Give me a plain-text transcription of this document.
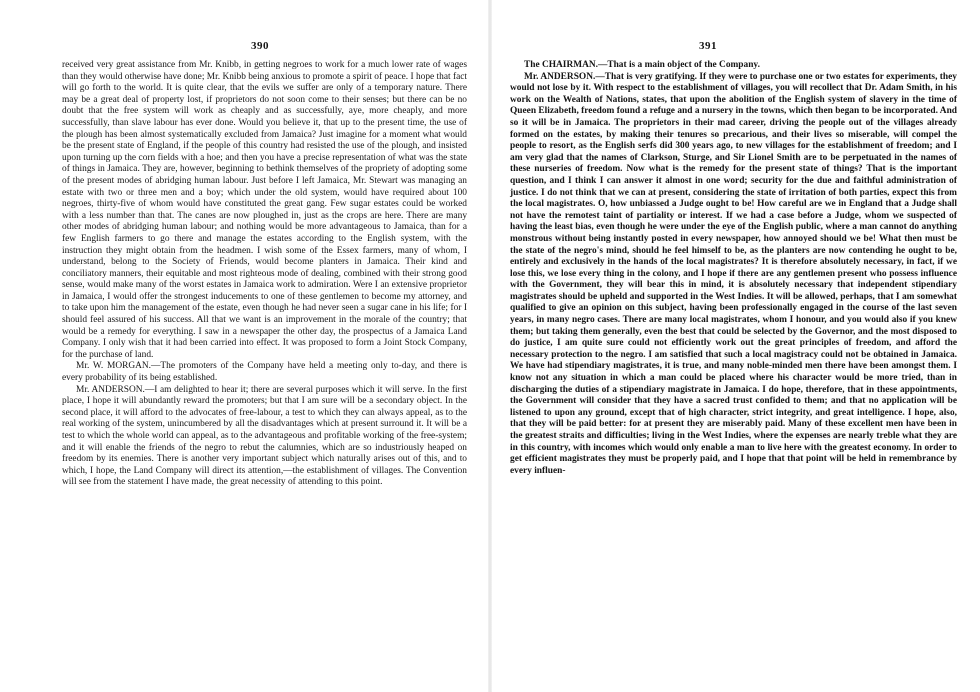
390

received very great assistance from Mr. Knibb, in getting negroes to work for a much lower rate of wages than they would otherwise have done; Mr. Knibb being anxious to promote a spirit of peace. I hope that fact will go forth to the world. It is quite clear, that the evils we suffer are only of a temporary nature. There may be a great deal of property lost, if proprietors do not soon come to their senses; but there can be no doubt that the free system will work as cheaply and as successfully, aye, more cheaply, and more successfully, than slave labour has ever done. Would you believe it, that up to the present time, the use of the plough has been almost systematically excluded from Jamaica? Just imagine for a moment what would be the present state of England, if the people of this country had resisted the use of the plough, and insisted upon turning up the corn fields with a hoe; and then you have a precise representation of what was the state of things in Jamaica. They are, however, beginning to bethink themselves of the propriety of adopting some of the present modes of abridging human labour. Just before I left Jamaica, Mr. Stewart was managing an estate with two or three men and a boy; which under the old system, would have required about 100 negroes, thirty-five of whom would have constituted the great gang. Few sugar estates could be worked with a less number than that. The canes are now ploughed in, just as the crops are here. There are many other modes of abridging human labour; and nothing would be more advantageous to Jamaica, than for a few English farmers to go there and manage the estates according to the English system, with the instruction they might obtain from the headmen. I wish some of the Essex farmers, many of whom, I understand, belong to the Society of Friends, would become planters in Jamaica. Their kind and conciliatory manners, their equitable and most righteous mode of dealing, combined with their strong good sense, would make many of the worst estates in Jamaica work to admiration. Were I an extensive proprietor in Jamaica, I would offer the strongest inducements to one of these gentlemen to become my attorney, and to take upon him the management of the estate, even though he had never seen a sugar cane in his life; for I should feel assured of his success. All that we want is an improvement in the morale of the country; that would be a remedy for everything. I saw in a newspaper the other day, the prospectus of a Jamaica Land Company. I only wish that it had been carried into effect. It was proposed to form a Joint Stock Company, for the purchase of land.

Mr. W. MORGAN.—The promoters of the Company have held a meeting only to-day, and there is every probability of its being established.

Mr. ANDERSON.—I am delighted to hear it; there are several purposes which it will serve. In the first place, I hope it will abundantly reward the promoters; but that I am sure will be a secondary object. In the second place, it will afford to the advocates of free-labour, a test to which they can always appeal, as to the real working of the system, unincumbered by all the disadvantages which at present surround it. It will be a test to which the whole world can appeal, as to the advantageous and profitable working of the free-system; and it will enable the friends of the negro to rebut the calumnies, which are so industriously heaped on freedom by its enemies. There is another very important subject which naturally arises out of this, and to which, I hope, the Land Company will direct its attention,—the establishment of villages. The Convention will see from the statement I have made, the great necessity of attending to this point.

391

The CHAIRMAN.—That is a main object of the Company.

Mr. ANDERSON.—That is very gratifying. If they were to purchase one or two estates for experiments, they would not lose by it. With respect to the establishment of villages, you will recollect that Dr. Adam Smith, in his work on the Wealth of Nations, states, that upon the abolition of the English system of slavery in the time of Queen Elizabeth, freedom found a refuge and a nursery in the towns, which then began to be incorporated. And so it will be in Jamaica. The proprietors in their mad career, driving the people out of the villages already formed on the estates, by making their tenures so precarious, and their lives so miserable, will compel the people to resort, as the English serfs did 300 years ago, to new villages for the establishment of freedom; and I am very glad that the names of Clarkson, Sturge, and Sir Lionel Smith are to be perpetuated in the names of these nurseries of freedom. Now what is the remedy for the present state of things? That is the important question, and I think I can answer it almost in one word; security for the due and faithful administration of justice. I do not think that we can at present, considering the state of irritation of both parties, expect this from the local magistrates. O, how unbiassed a Judge ought to be! How careful are we in England that a Judge shall not have the remotest taint of partiality or interest. If we had a case before a Judge, whom we suspected of having the least bias, even though he were under the eye of the English public, where a man cannot do anything monstrous without being instantly posted in every newspaper, how annoyed should we be! What then must be the state of the negro's mind, should he feel himself to be, as the planters are now contending he ought to be, entirely and exclusively in the hands of the local magistrates? It is therefore absolutely necessary, in fact, if we lose this, we lose every thing in the colony, and I hope if there are any gentlemen present who possess influence with the Government, they will bear this in mind, it is absolutely necessary that independent stipendiary magistrates should be upheld and supported in the West Indies. It will be allowed, perhaps, that I am somewhat qualified to give an opinion on this subject, having been professionally engaged in the course of the last seven years, in many negro cases. There are many local magistrates, whom I honour, and you would also if you knew them; but taking them generally, even the best that could be selected by the Governor, and the most disposed to do justice, I am quite sure could not efficiently work out the great principles of freedom, and afford the necessary protection to the negro. I am satisfied that such a local magistracy could not be obtained in Jamaica. We have had stipendiary magistrates, it is true, and many noble-minded men there have been amongst them. I know not any situation in which a man could be placed where his character would be more tried, than in discharging the duties of a stipendiary magistrate in Jamaica. I do hope, therefore, that in these appointments, the Government will consider that they have a sacred trust confided to them; and that no application will be listened to upon any ground, except that of high character, strict integrity, and great intelligence. I hope, also, that they will be paid better: for at present they are miserably paid. Many of these excellent men have been in the greatest straits and difficulties; living in the West Indies, where the expenses are nearly treble what they are in this country, with incomes which would only enable a man to live here with the greatest economy. In order to get efficient magistrates they must be properly paid, and I hope that that point will be held in remembrance by every influen-
